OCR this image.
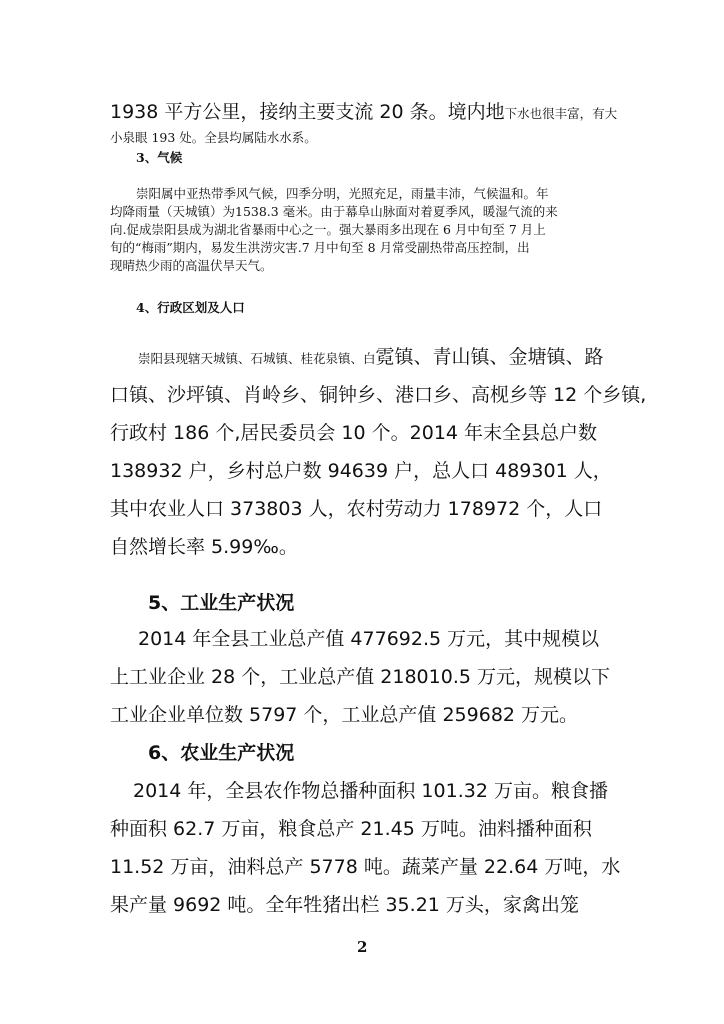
1938 平方公里，接纳主要支流 20 条。境内地下水也很丰富，有大
小泉眼 193 处。全县均属陆水水系。
3、气候
崇阳属中亚热带季风气候，四季分明，光照充足，雨量丰沛，气候温和。年
均降雨量（天城镇）为1538.3 毫米。由于幕阜山脉面对着夏季风，暖湿气流的来
向.促成崇阳县成为湖北省暴雨中心之一。强大暴雨多出现在 6 月中旬至 7 月上
旬的“梅雨”期内，易发生洪涝灾害.7 月中旬至 8 月常受副热带高压控制，出
现晴热少雨的高温伏旱天气。
4、行政区划及人口
崇阳县现辖天城镇、石城镇、桂花泉镇、白霓镇、青山镇、金塘镇、路
口镇、沙坪镇、肖岭乡、铜钟乡、港口乡、高枧乡等 12 个乡镇,
行政村 186 个,居民委员会 10 个。2014 年末全县总户数
138932 户，乡村总户数 94639 户，总人口 489301 人，
其中农业人口 373803 人，农村劳动力 178972 个，人口
自然增长率 5.99‰。
5、工业生产状况
2014 年全县工业总产值 477692.5 万元，其中规模以
上工业企业 28 个，工业总产值 218010.5 万元，规模以下
工业企业单位数 5797 个，工业总产值 259682 万元。
6、农业生产状况
2014 年，全县农作物总播种面积 101.32 万亩。粮食播
种面积 62.7 万亩，粮食总产 21.45 万吨。油料播种面积
11.52 万亩，油料总产 5778 吨。蔬菜产量 22.64 万吨，水
果产量 9692 吨。全年牲猪出栏 35.21 万头，家禽出笼
2
